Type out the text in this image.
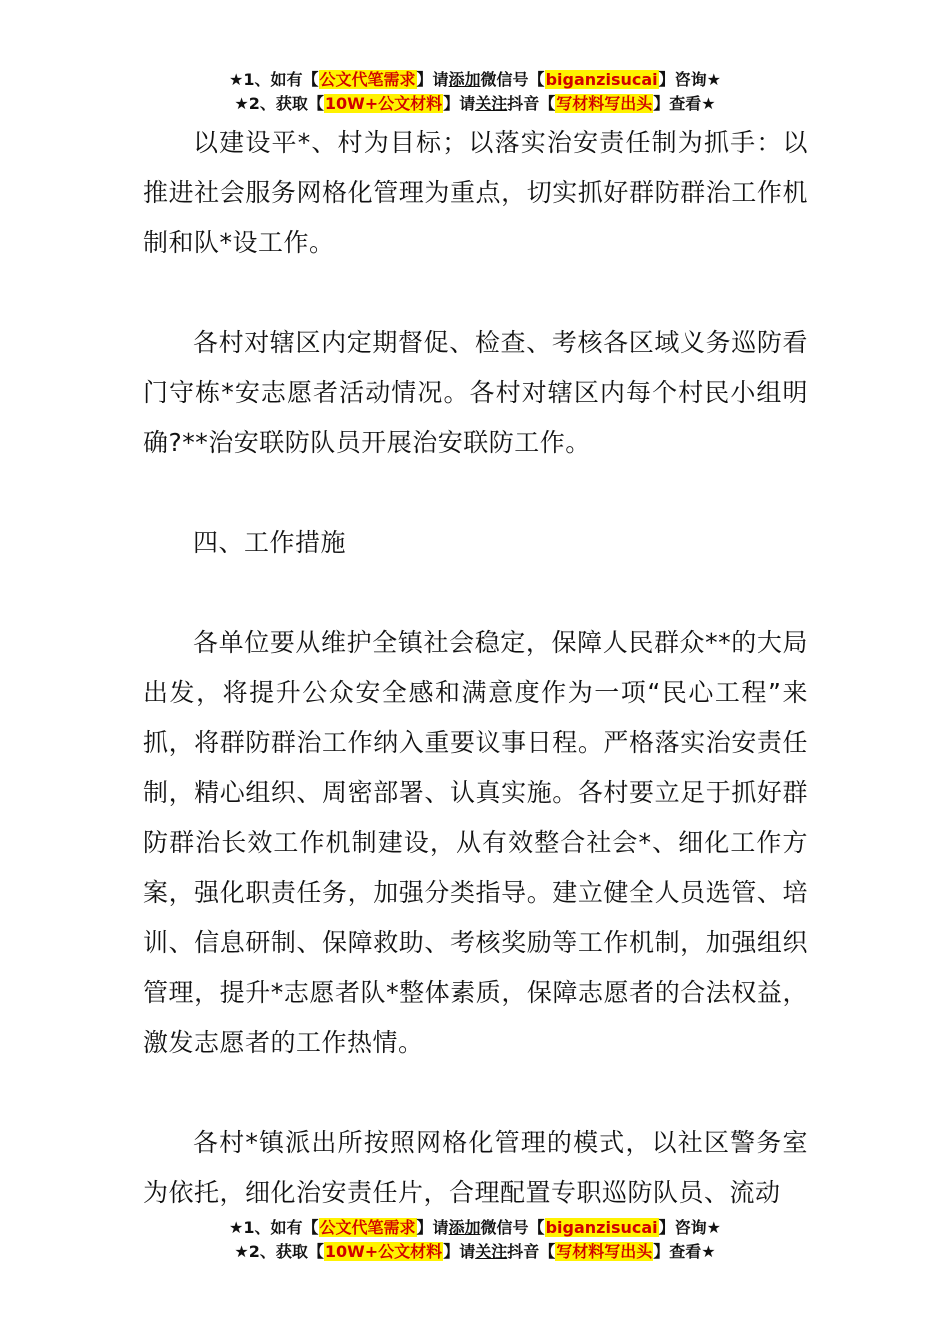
★1、如有【公文代笔需求】请添加微信号【biganzisucai】咨询★
★2、获取【10W+公文材料】请关注抖音【写材料写出头】查看★

以建设平*、村为目标；以落实治安责任制为抓手：以推进社会服务网格化管理为重点，切实抓好群防群治工作机制和队*设工作。

各村对辖区内定期督促、检查、考核各区域义务巡防看门守栋*安志愿者活动情况。各村对辖区内每个村民小组明确?**治安联防队员开展治安联防工作。

四、工作措施

各单位要从维护全镇社会稳定，保障人民群众**的大局出发，将提升公众安全感和满意度作为一项“民心工程”来抓，将群防群治工作纳入重要议事日程。严格落实治安责任制，精心组织、周密部署、认真实施。各村要立足于抓好群防群治长效工作机制建设，从有效整合社会*、细化工作方案，强化职责任务，加强分类指导。建立健全人员选管、培训、信息研制、保障救助、考核奖励等工作机制，加强组织管理，提升*志愿者队*整体素质，保障志愿者的合法权益，激发志愿者的工作热情。

各村*镇派出所按照网格化管理的模式，以社区警务室为依托，细化治安责任片，合理配置专职巡防队员、流动

★1、如有【公文代笔需求】请添加微信号【biganzisucai】咨询★
★2、获取【10W+公文材料】请关注抖音【写材料写出头】查看★
